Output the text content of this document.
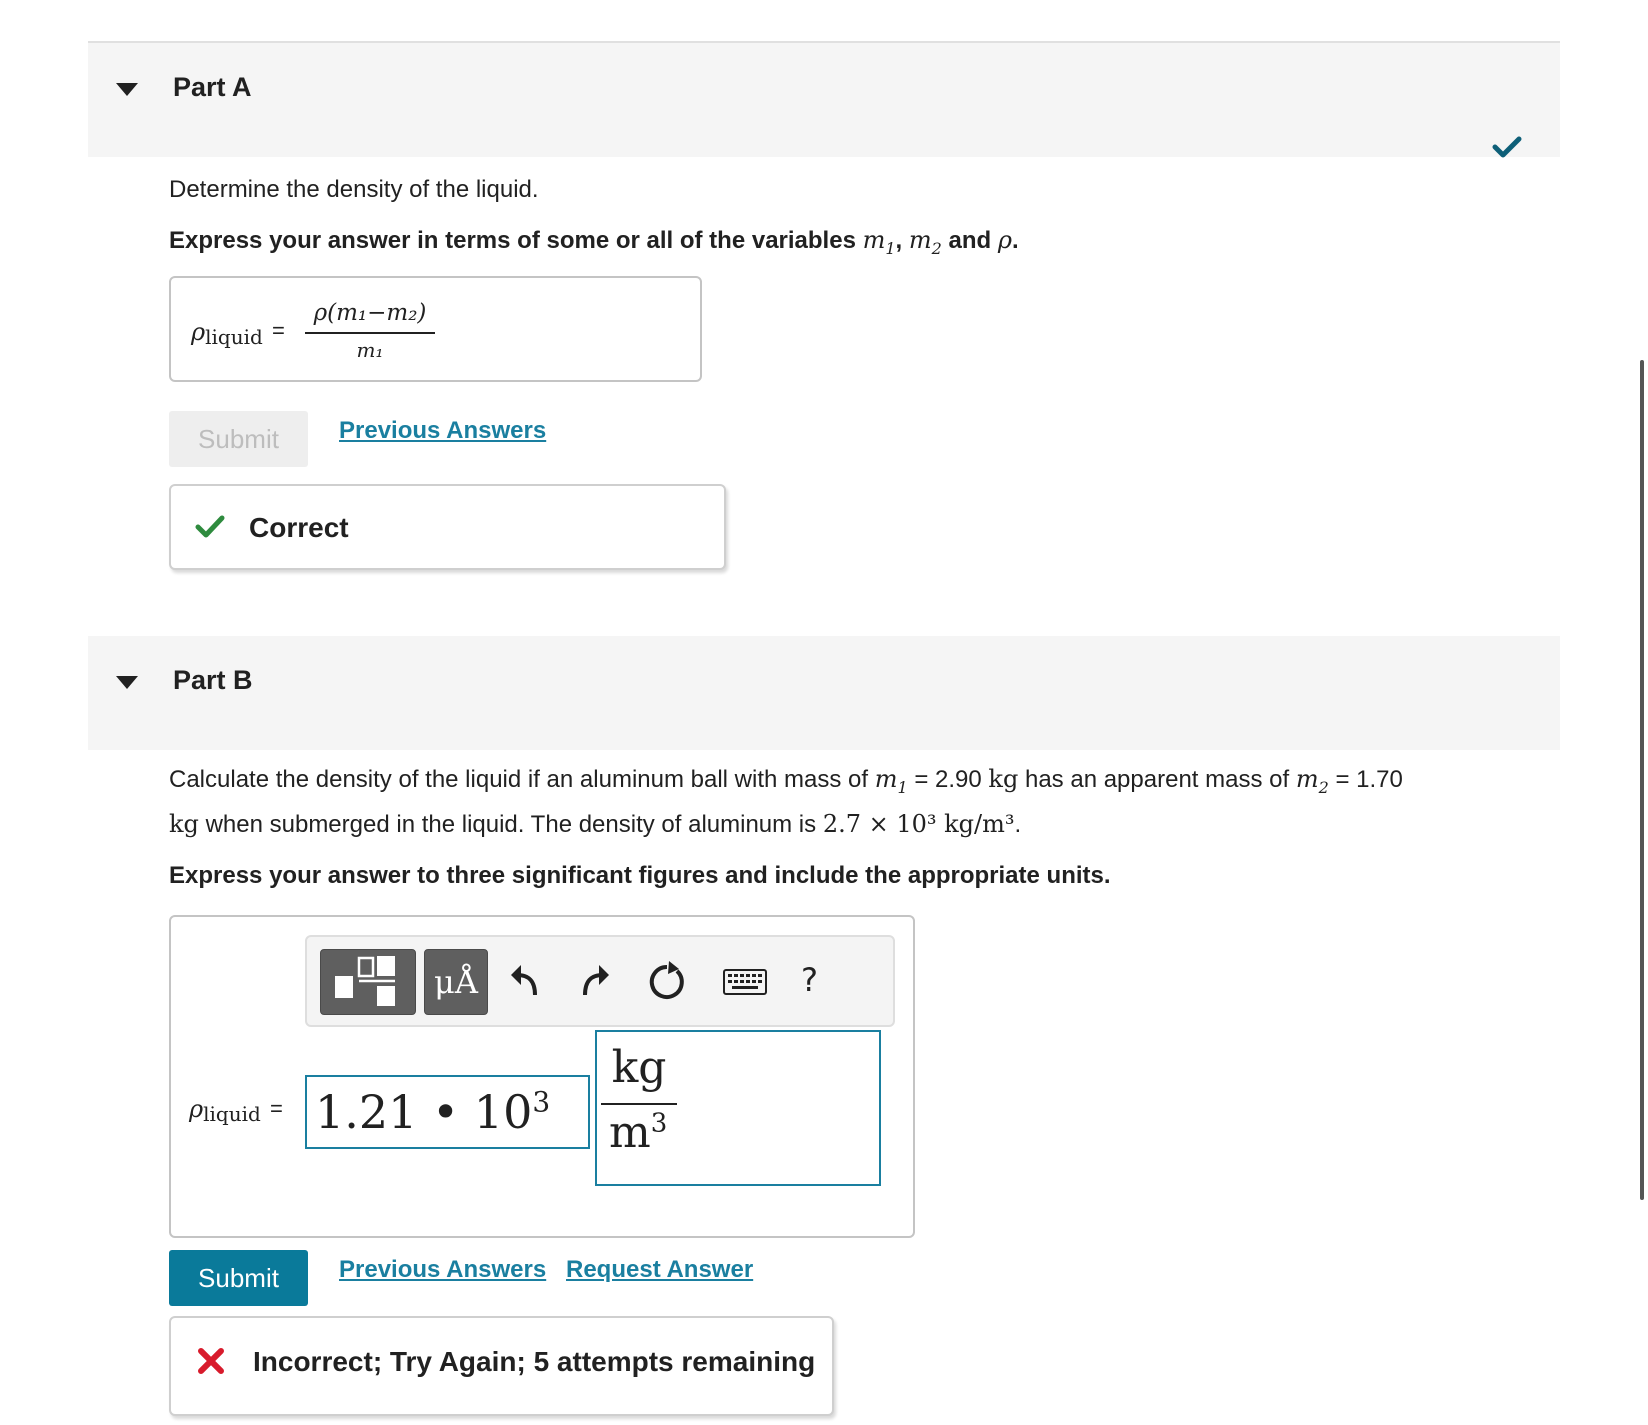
Part A
Determine the density of the liquid.
Express your answer in terms of some or all of the variables $m_1$, $m_2$ and ρ.
$\rho_{liquid} = \frac{\text{ρ(m₁−m₂)}}{\text{m₁}}$
Submit	Previous Answers
Correct
Part B
Calculate the density of the liquid if an aluminum ball with mass of $m_1 = 2.90$ kg has an apparent mass of $m_2 = 1.70$
kg when submerged in the liquid. The density of aluminum is 2.7 × 10³ kg/m³.
Express your answer to three significant figures and include the appropriate units.
μÅ	?
$\rho_{liquid} = 1.21$ • $10^3 \frac{kg}{m^3}$
Submit	Previous Answers Request Answer
Incorrect; Try Again; 5 attempts remaining
